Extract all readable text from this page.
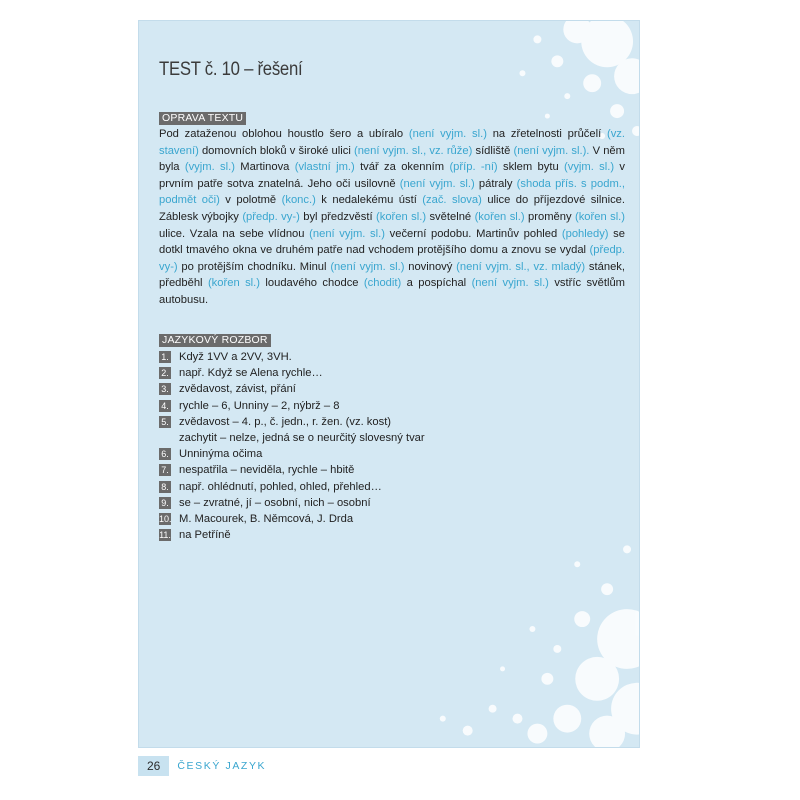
TEST č. 10 – řešení
OPRAVA TEXTU
Pod zataženou oblohou houstlo šero a ubíralo (není vyjm. sl.) na zřetelnosti průčelí (vz. stavení) domovních bloků v široké ulici (není vyjm. sl., vz. růže) sídliště (není vyjm. sl.). V něm byla (vyjm. sl.) Martinova (vlastní jm.) tvář za okenním (příp. -ní) sklem bytu (vyjm. sl.) v prvním patře sotva znatelná. Jeho oči usilovně (není vyjm. sl.) pátraly (shoda přís. s podm., podmět oči) v polotmě (konc.) k nedalekému ústí (zač. slova) ulice do příjezdové silnice. Záblesk výbojky (předp. vy-) byl předzvěstí (kořen sl.) světelné (kořen sl.) proměny (kořen sl.) ulice. Vzala na sebe vlídnou (není vyjm. sl.) večerní podobu. Martinův pohled (pohledy) se dotkl tmavého okna ve druhém patře nad vchodem protějšího domu a znovu se vydal (předp. vy-) po protějším chodníku. Minul (není vyjm. sl.) novinový (není vyjm. sl., vz. mladý) stánek, předběhl (kořen sl.) loudavého chodce (chodit) a pospíchal (není vyjm. sl.) vstříc světlům autobusu.
JAZYKOVÝ ROZBOR
1. Když 1VV a 2VV, 3VH.
2. např. Když se Alena rychle…
3. zvědavost, závist, přání
4. rychle – 6, Unniny – 2, nýbrž – 8
5. zvědavost – 4. p., č. jedn., r. žen. (vz. kost)
zachytit – nelze, jedná se o neurčitý slovesný tvar
6. Unninýma očima
7. nespatřila – neviděla, rychle – hbitě
8. např. ohlédnutí, pohled, ohled, přehled…
9. se – zvratné, jí – osobní, nich – osobní
10. M. Macourek, B. Němcová, J. Drda
11. na Petříně
26	ČESKÝ JAZYK
